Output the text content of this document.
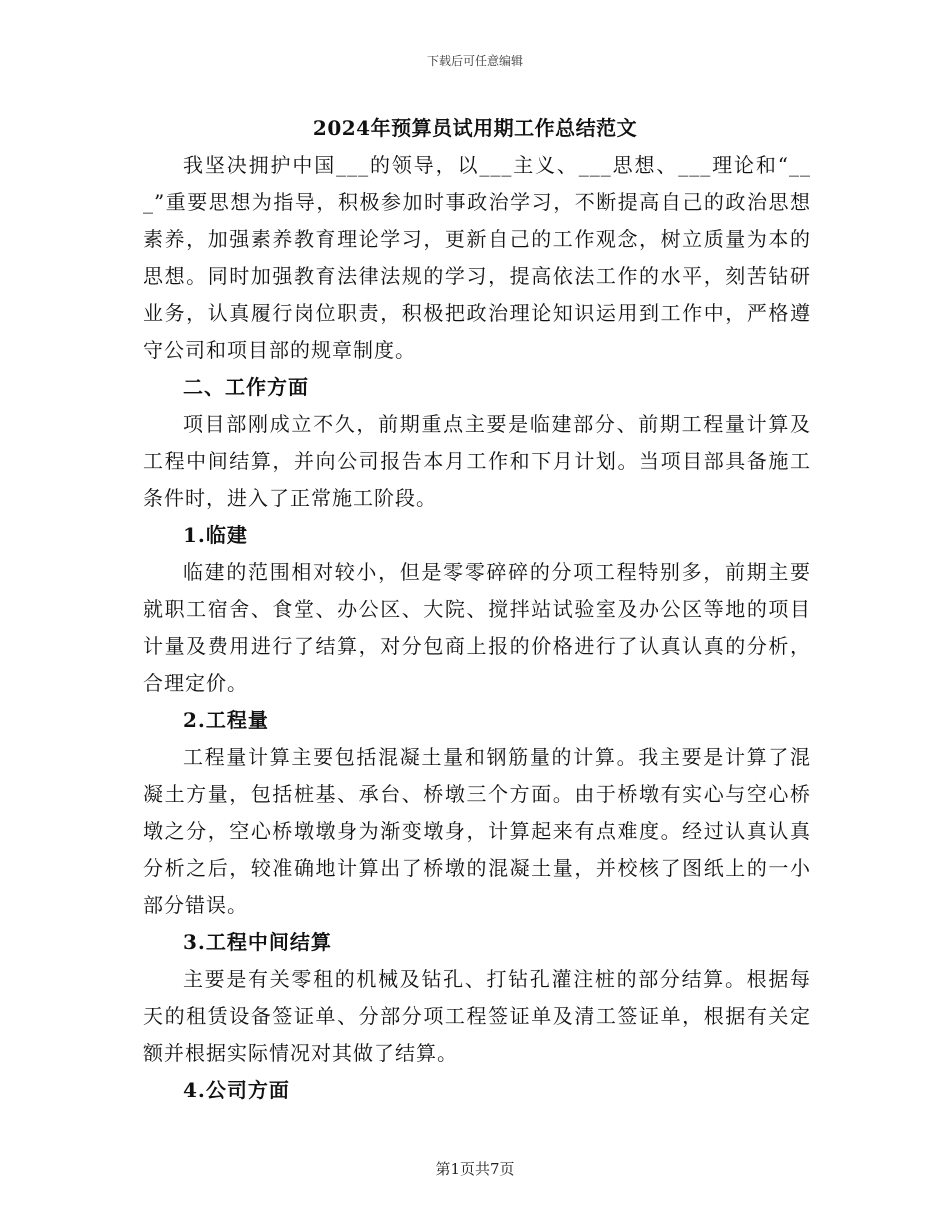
下载后可任意编辑
2024年预算员试用期工作总结范文

我坚决拥护中国___的领导，以___主义、___思想、___理论和“___”重要思想为指导，积极参加时事政治学习，不断提高自己的政治思想素养，加强素养教育理论学习，更新自己的工作观念，树立质量为本的思想。同时加强教育法律法规的学习，提高依法工作的水平，刻苦钻研业务，认真履行岗位职责，积极把政治理论知识运用到工作中，严格遵守公司和项目部的规章制度。

二、工作方面

项目部刚成立不久，前期重点主要是临建部分、前期工程量计算及工程中间结算，并向公司报告本月工作和下月计划。当项目部具备施工条件时，进入了正常施工阶段。

1.临建

临建的范围相对较小，但是零零碎碎的分项工程特别多，前期主要就职工宿舍、食堂、办公区、大院、搅拌站试验室及办公区等地的项目计量及费用进行了结算，对分包商上报的价格进行了认真认真的分析，合理定价。

2.工程量

工程量计算主要包括混凝土量和钢筋量的计算。我主要是计算了混凝土方量，包括桩基、承台、桥墩三个方面。由于桥墩有实心与空心桥墩之分，空心桥墩墩身为渐变墩身，计算起来有点难度。经过认真认真分析之后，较准确地计算出了桥墩的混凝土量，并校核了图纸上的一小部分错误。

3.工程中间结算

主要是有关零租的机械及钻孔、打钻孔灌注桩的部分结算。根据每天的租赁设备签证单、分部分项工程签证单及清工签证单，根据有关定额并根据实际情况对其做了结算。

4.公司方面

第1页共7页
